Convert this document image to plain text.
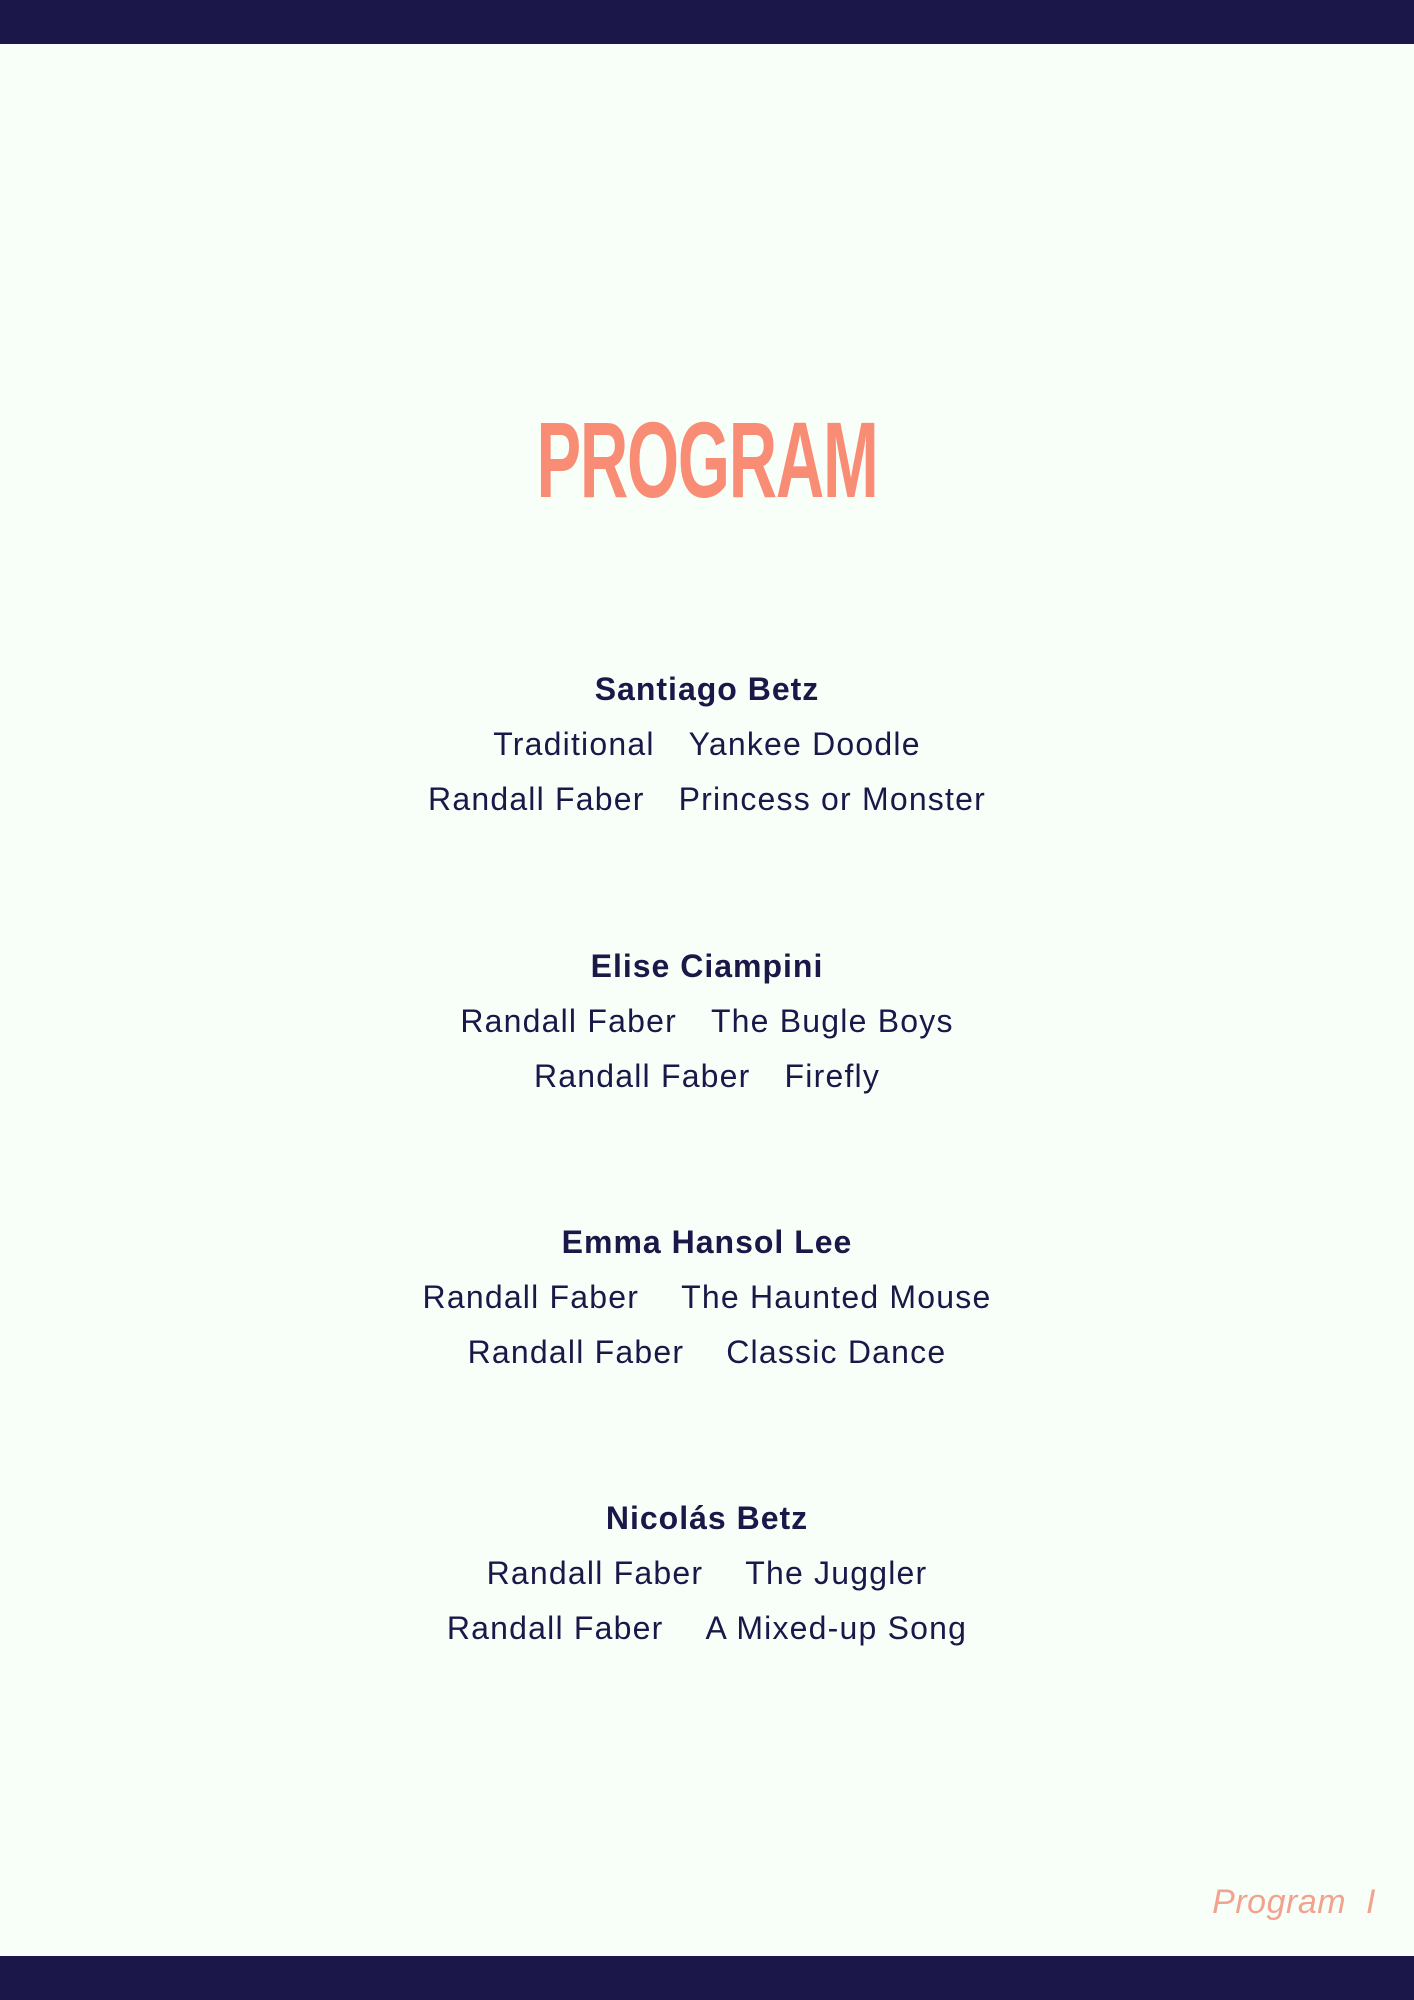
PROGRAM
Santiago Betz
Traditional Yankee Doodle
Randall Faber Princess or Monster
Elise Ciampini
Randall Faber The Bugle Boys
Randall Faber Firefly
Emma Hansol Lee
Randall Faber The Haunted Mouse
Randall Faber Classic Dance
Nicolás Betz
Randall Faber The Juggler
Randall Faber A Mixed-up Song
Program I
